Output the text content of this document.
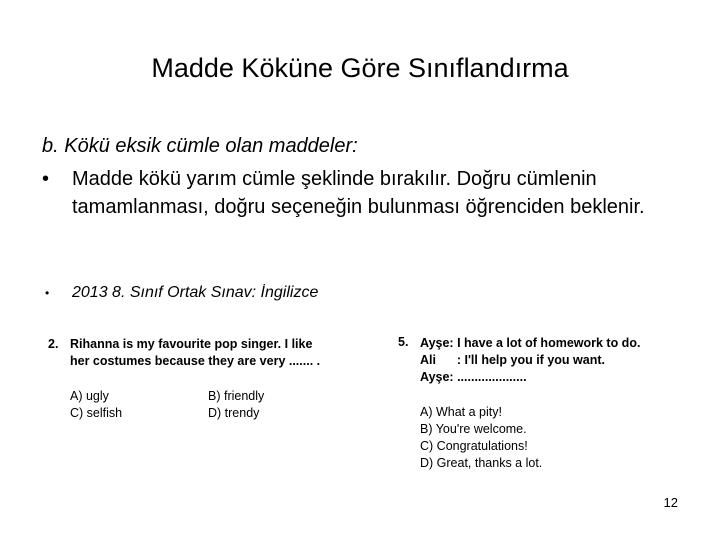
Madde Köküne Göre Sınıflandırma
b. Kökü eksik cümle olan maddeler:
• Madde kökü yarım cümle şeklinde bırakılır. Doğru cümlenin tamamlanması, doğru seçeneğin bulunması öğrenciden beklenir.
• 2013 8. Sınıf Ortak Sınav: İngilizce
2. Rihanna is my favourite pop singer. I like
her costumes because they are very ....... .
A) ugly	B) friendly
C) selfish	D) trendy
5. Ayşe: I have a lot of homework to do.
Ali : I'll help you if you want.
Ayşe: ....................
A) What a pity!
B) You're welcome.
C) Congratulations!
D) Great, thanks a lot.
12
